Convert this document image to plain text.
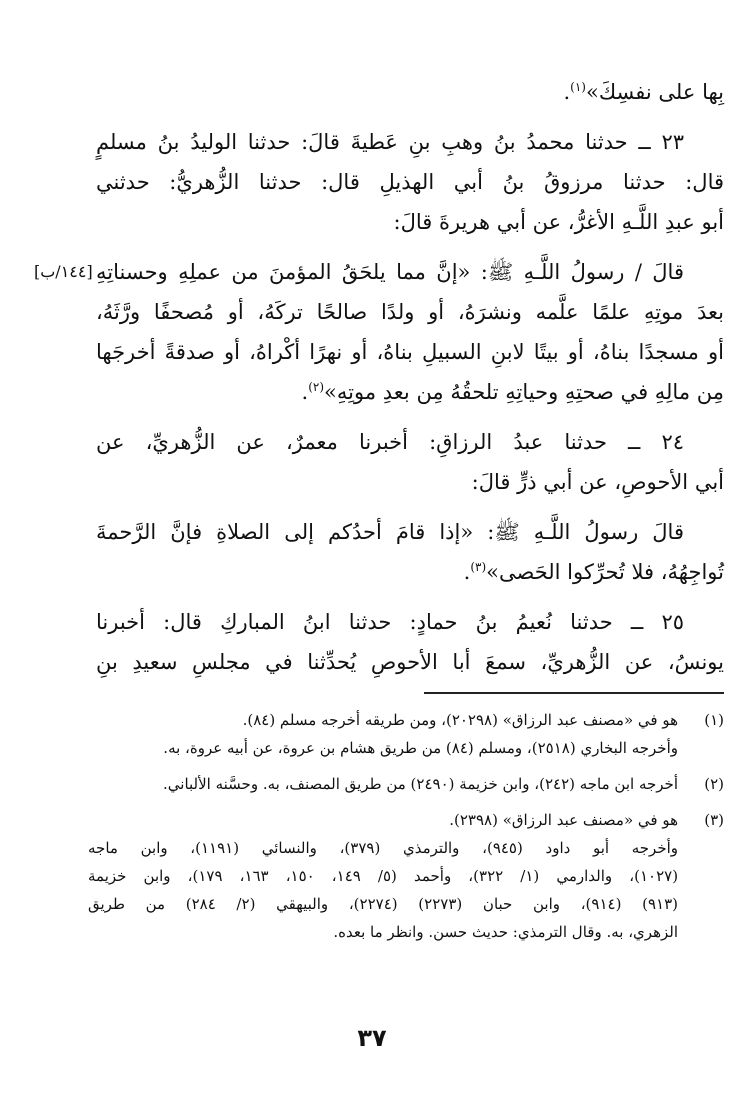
بِها على نفسِكَ»$^{(١)}$.
٢٣ ــ حدثنا محمدُ بنُ وهبِ بنِ عَطيةَ قالَ: حدثنا الوليدُ بنُ مسلمٍ
قال: حدثنا مرزوقُ بنُ أبي الهذيلِ قال: حدثنا الزُّهريُّ: حدثني
أبو عبدِ اللَّـهِ الأغرُّ، عن أبي هريرةَ قالَ:
قالَ / رسولُ اللَّـهِ ﷺ: «إنَّ مما يلحَقُ المؤمنَ من عملِهِ وحسناتِهِ
[١٤٤/ب]
بعدَ موتِهِ علمًا علَّمه ونشرَهُ، أو ولدًا صالحًا تركَهُ، أو مُصحفًا ورَّثَهُ،
أو مسجدًا بناهُ، أو بيتًا لابنِ السبيلِ بناهُ، أو نهرًا أكْراهُ، أو صدقةً أخرجَها
مِن مالِهِ في صحتِهِ وحياتِهِ تلحقُهُ مِن بعدِ موتِهِ»$^{(٢)}$.
٢٤ ــ حدثنا عبدُ الرزاقِ: أخبرنا معمرٌ، عن الزُّهريِّ، عن
أبي الأحوصِ، عن أبي ذرٍّ قالَ:
قالَ رسولُ اللَّـهِ ﷺ: «إذا قامَ أحدُكم إلى الصلاةِ فإنَّ الرَّحمةَ
تُواجِهُهُ، فلا تُحرِّكوا الحَصى»$^{(٣)}$.
٢٥ ــ حدثنا نُعيمُ بنُ حمادٍ: حدثنا ابنُ المباركِ قال: أخبرنا
يونسُ، عن الزُّهريِّ، سمعَ أبا الأحوصِ يُحدِّثنا في مجلسِ سعيدِ بنِ
(١)
هو في «مصنف عبد الرزاق» (٢٠٢٩٨)، ومن طريقه أخرجه مسلم (٨٤).
وأخرجه البخاري (٢٥١٨)، ومسلم (٨٤) من طريق هشام بن عروة، عن أبيه عروة، به.
(٢)
أخرجه ابن ماجه (٢٤٢)، وابن خزيمة (٢٤٩٠) من طريق المصنف، به. وحسَّنه الألباني.
(٣)
هو في «مصنف عبد الرزاق» (٢٣٩٨).
وأخرجه أبو داود (٩٤٥)، والترمذي (٣٧٩)، والنسائي (١١٩١)، وابن ماجه
(١٠٢٧)، والدارمي (١/ ٣٢٢)، وأحمد (٥/ ١٤٩، ١٥٠، ١٦٣، ١٧٩)، وابن خزيمة
(٩١٣) (٩١٤)، وابن حبان (٢٢٧٣) (٢٢٧٤)، والبيهقي (٢/ ٢٨٤) من طريق
الزهري، به. وقال الترمذي: حديث حسن. وانظر ما بعده.
٣٧
